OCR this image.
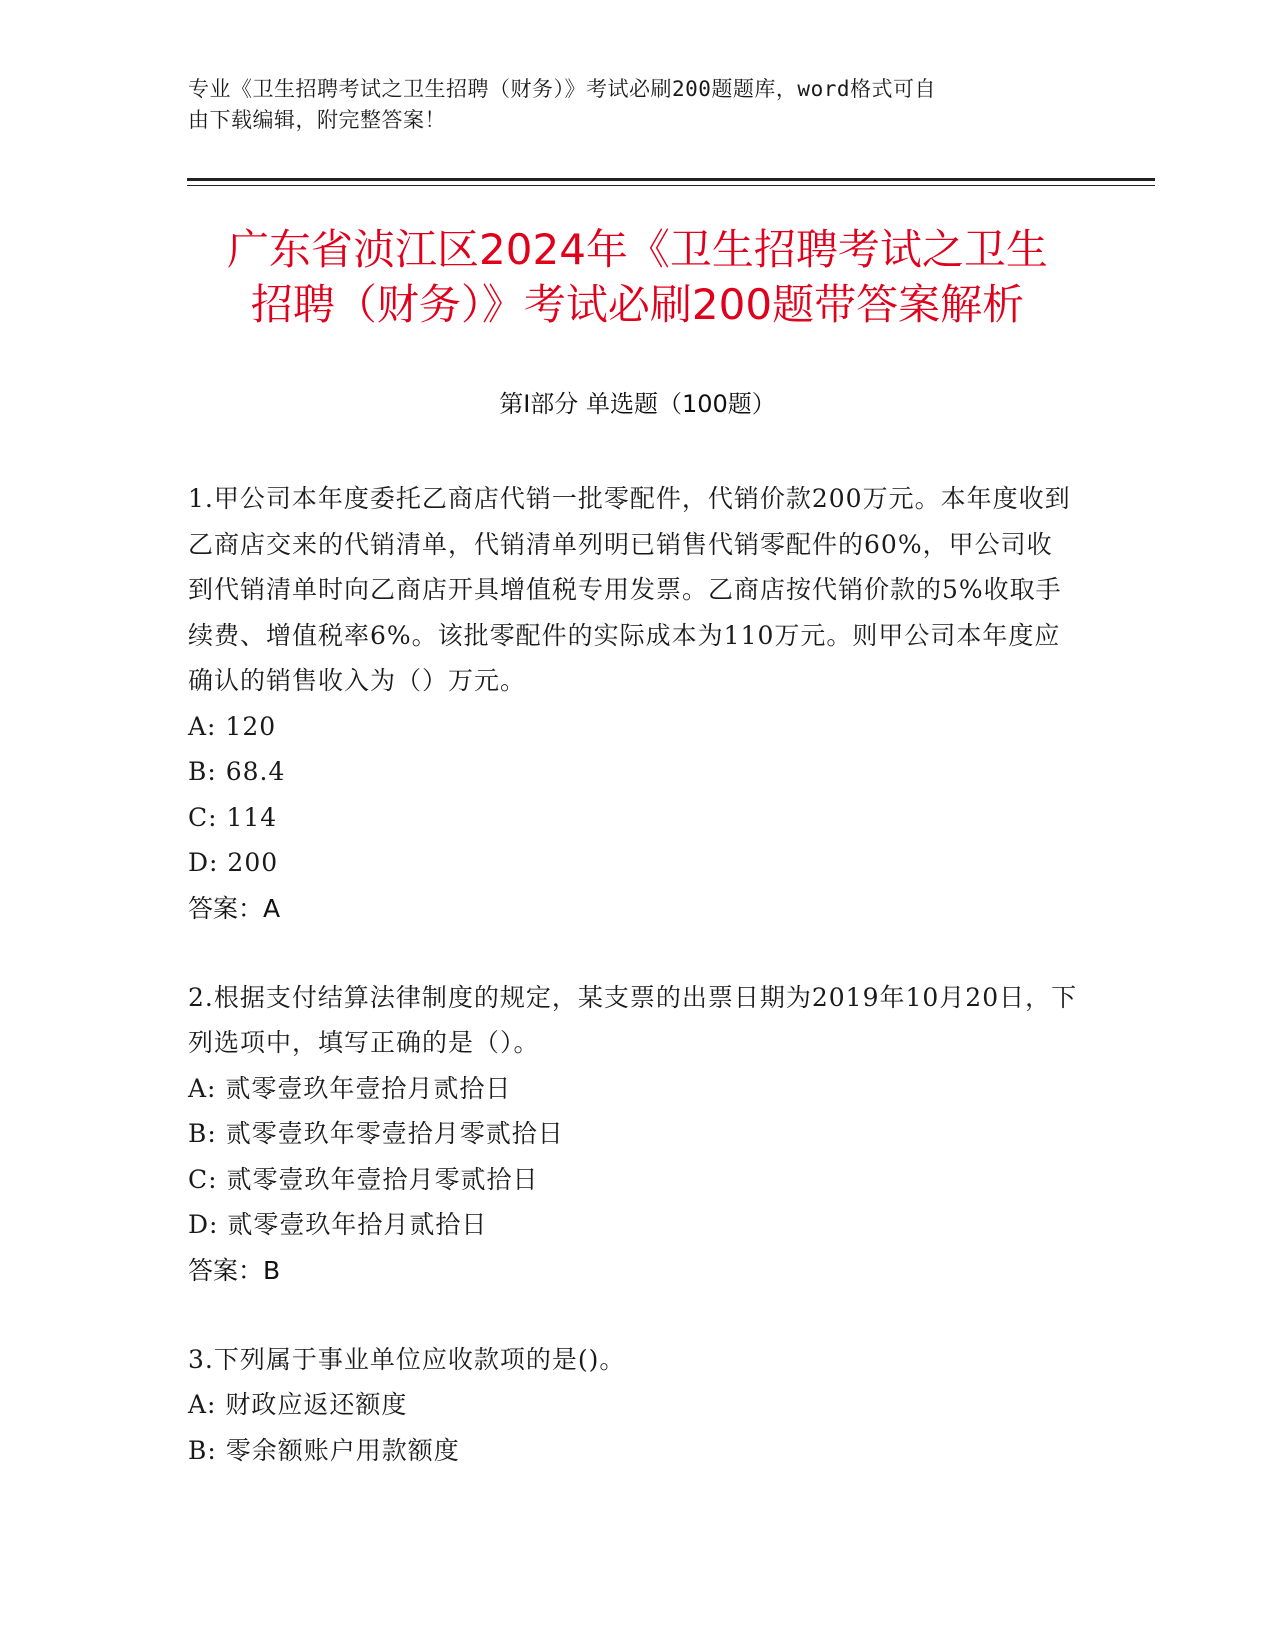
专业《卫生招聘考试之卫生招聘（财务）》考试必刷200题题库，word格式可自
由下载编辑，附完整答案！
广东省浈江区2024年《卫生招聘考试之卫生
招聘（财务）》考试必刷200题带答案解析
第Ⅰ部分 单选题（100题）
1.甲公司本年度委托乙商店代销一批零配件，代销价款200万元。本年度收到乙商店交来的代销清单，代销清单列明已销售代销零配件的60%，甲公司收到代销清单时向乙商店开具增值税专用发票。乙商店按代销价款的5%收取手续费、增值税率6%。该批零配件的实际成本为110万元。则甲公司本年度应确认的销售收入为（）万元。
A: 120
B: 68.4
C: 114
D: 200
答案：A
2.根据支付结算法律制度的规定，某支票的出票日期为2019年10月20日，下列选项中，填写正确的是（）。
A: 贰零壹玖年壹拾月贰拾日
B: 贰零壹玖年零壹拾月零贰拾日
C: 贰零壹玖年壹拾月零贰拾日
D: 贰零壹玖年拾月贰拾日
答案：B
3.下列属于事业单位应收款项的是()。
A: 财政应返还额度
B: 零余额账户用款额度
